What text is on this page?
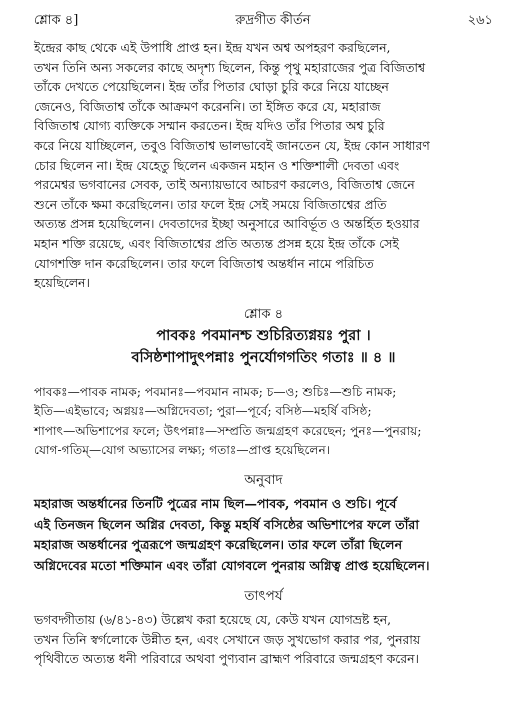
শ্লোক ৪]	রুদ্রগীত কীর্তন	২৬১
ইন্দ্রের কাছ থেকে এই উপাধি প্রাপ্ত হন। ইন্দ্র যখন অশ্ব অপহরণ করছিলেন,
তখন তিনি অন্য সকলের কাছে অদৃশ্য ছিলেন, কিন্তু পৃথু মহারাজের পুত্র বিজিতাশ্ব
তাঁকে দেখতে পেয়েছিলেন। ইন্দ্র তাঁর পিতার ঘোড়া চুরি করে নিয়ে যাচ্ছেন
জেনেও, বিজিতাশ্ব তাঁকে আক্রমণ করেননি। তা ইঙ্গিত করে যে, মহারাজ
বিজিতাশ্ব যোগ্য ব্যক্তিকে সম্মান করতেন। ইন্দ্র যদিও তাঁর পিতার অশ্ব চুরি
করে নিয়ে যাচ্ছিলেন, তবুও বিজিতাশ্ব ভালভাবেই জানতেন যে, ইন্দ্র কোন সাধারণ
চোর ছিলেন না। ইন্দ্র যেহেতু ছিলেন একজন মহান ও শক্তিশালী দেবতা এবং
পরমেশ্বর ভগবানের সেবক, তাই অন্যায়ভাবে আচরণ করলেও, বিজিতাশ্ব জেনে
শুনে তাঁকে ক্ষমা করেছিলেন। তার ফলে ইন্দ্র সেই সময়ে বিজিতাশ্বের প্রতি
অত্যন্ত প্রসন্ন হয়েছিলেন। দেবতাদের ইচ্ছা অনুসারে আবির্ভূত ও অন্তর্হিত হওয়ার
মহান শক্তি রয়েছে, এবং বিজিতাশ্বের প্রতি অত্যন্ত প্রসন্ন হয়ে ইন্দ্র তাঁকে সেই
যোগশক্তি দান করেছিলেন। তার ফলে বিজিতাশ্ব অন্তর্ধান নামে পরিচিত
হয়েছিলেন।
শ্লোক ৪
পাবকঃ পবমানশ্চ শুচিরিত্যগ্নয়ঃ পুরা ।
বসিষ্ঠশাপাদুৎপন্নাঃ পুনর্যোগগতিং গতাঃ ॥ ৪ ॥
পাবকঃ—পাবক নামক; পবমানঃ—পবমান নামক; চ—ও; শুচিঃ—শুচি নামক;
ইতি—এইভাবে; অগ্নয়ঃ—অগ্নিদেবতা; পুরা—পূর্বে; বসিষ্ঠ—মহর্ষি বসিষ্ঠ;
শাপাৎ—অভিশাপের ফলে; উৎপন্নাঃ—সম্প্রতি জন্মগ্রহণ করেছেন; পুনঃ—পুনরায়;
যোগ-গতিম্—যোগ অভ্যাসের লক্ষ্য; গতাঃ—প্রাপ্ত হয়েছিলেন।
অনুবাদ
মহারাজ অন্তর্ধানের তিনটি পুত্রের নাম ছিল—পাবক, পবমান ও শুচি। পূর্বে
এই তিনজন ছিলেন অগ্নির দেবতা, কিন্তু মহর্ষি বসিষ্ঠের অভিশাপের ফলে তাঁরা
মহারাজ অন্তর্ধানের পুত্ররূপে জন্মগ্রহণ করেছিলেন। তার ফলে তাঁরা ছিলেন
অগ্নিদেবের মতো শক্তিমান এবং তাঁরা যোগবলে পুনরায় অগ্নিত্ব প্রাপ্ত হয়েছিলেন।
তাৎপর্য
ভগবদ্গীতায় (৬/৪১-৪৩) উল্লেখ করা হয়েছে যে, কেউ যখন যোগভ্রষ্ট হন,
তখন তিনি স্বর্গলোকে উন্নীত হন, এবং সেখানে জড় সুখভোগ করার পর, পুনরায়
পৃথিবীতে অত্যন্ত ধনী পরিবারে অথবা পুণ্যবান ব্রাহ্মণ পরিবারে জন্মগ্রহণ করেন।
